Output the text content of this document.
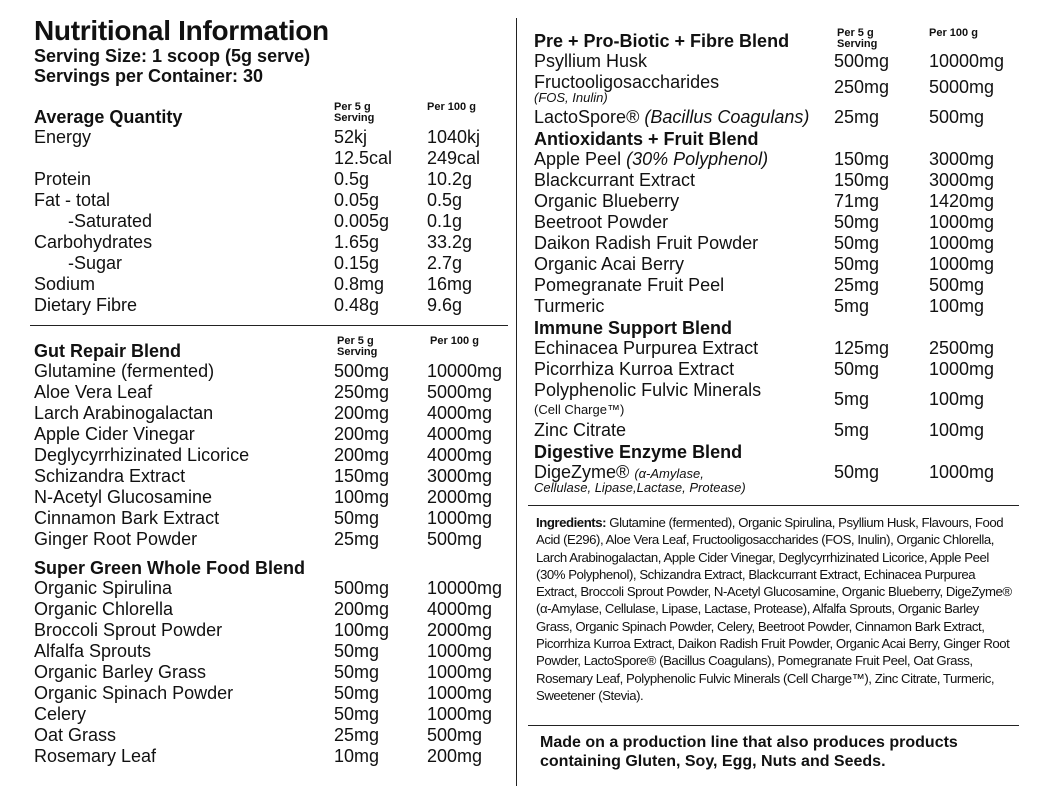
Nutritional Information
Serving Size: 1 scoop (5g serve)
Servings per Container: 30
Average Quantity	Per 5 g
Serving
Per 100 g
Energy	52kj	1040kj
12.5cal 249cal
Protein	0.5g	10.2g
Fat - total	0.05g	0.5g
-Saturated	0.005g 0.1g
Carbohydrates	1.65g	33.2g
-Sugar	0.15g	2.7g
Sodium	0.8mg 16mg
Dietary Fibre	0.48g	9.6g
Gut Repair Blend	Per 5 g
Serving
Per 100 g
Glutamine (fermented)	500mg 10000mg
Aloe Vera Leaf	250mg 5000mg
Larch Arabinogalactan	200mg 4000mg
Apple Cider Vinegar	200mg 4000mg
Deglycyrrhizinated Licorice	200mg 4000mg
Schizandra Extract	150mg 3000mg
N-Acetyl Glucosamine	100mg 2000mg
Cinnamon Bark Extract	50mg	1000mg
Ginger Root Powder	25mg	500mg
Super Green Whole Food Blend
Organic Spirulina	500mg 10000mg
Organic Chlorella	200mg 4000mg
Broccoli Sprout Powder	100mg 2000mg
Alfalfa Sprouts	50mg	1000mg
Organic Barley Grass	50mg	1000mg
Organic Spinach Powder	50mg	1000mg
Celery	50mg	1000mg
Oat Grass	25mg	500mg
Rosemary Leaf	10mg	200mg
Pre + Pro-Biotic + Fibre Blend	Per 5 g
Serving
Per 100 g
Psyllium Husk	500mg 10000mg
Fructooligosaccharides	250mg 5000mg
(FOS, Inulin)
LactoSpore® (Bacillus Coagulans) 25mg	500mg
Antioxidants + Fruit Blend
Apple Peel (30% Polyphenol)	150mg 3000mg
Blackcurrant Extract	150mg 3000mg
Organic Blueberry	71mg	1420mg
Beetroot Powder	50mg	1000mg
Daikon Radish Fruit Powder	50mg	1000mg
Organic Acai Berry	50mg	1000mg
Pomegranate Fruit Peel	25mg	500mg
Turmeric	5mg	100mg
Immune Support Blend
Echinacea Purpurea Extract	125mg 2500mg
Picorrhiza Kurroa Extract	50mg	1000mg
Polyphenolic Fulvic Minerals	5mg	100mg
(Cell Charge™)
Zinc Citrate	5mg	100mg
Digestive Enzyme Blend
DigeZyme® (α-Amylase,	50mg	1000mg
Cellulase, Lipase,Lactase, Protease)
Ingredients: Glutamine (fermented), Organic Spirulina, Psyllium Husk, Flavours, Food Acid (E296), Aloe Vera Leaf, Fructooligosaccharides (FOS, Inulin), Organic Chlorella, Larch Arabinogalactan, Apple Cider Vinegar, Deglycyrrhizinated Licorice, Apple Peel (30% Polyphenol), Schizandra Extract, Blackcurrant Extract, Echinacea Purpurea Extract, Broccoli Sprout Powder, N-Acetyl Glucosamine, Organic Blueberry, DigeZyme® (α-Amylase, Cellulase, Lipase, Lactase, Protease), Alfalfa Sprouts, Organic Barley Grass, Organic Spinach Powder, Celery, Beetroot Powder, Cinnamon Bark Extract, Picorrhiza Kurroa Extract, Daikon Radish Fruit Powder, Organic Acai Berry, Ginger Root Powder, LactoSpore® (Bacillus Coagulans), Pomegranate Fruit Peel, Oat Grass, Rosemary Leaf, Polyphenolic Fulvic Minerals (Cell Charge™), Zinc Citrate, Turmeric, Sweetener (Stevia).
Made on a production line that also produces products containing Gluten, Soy, Egg, Nuts and Seeds.
